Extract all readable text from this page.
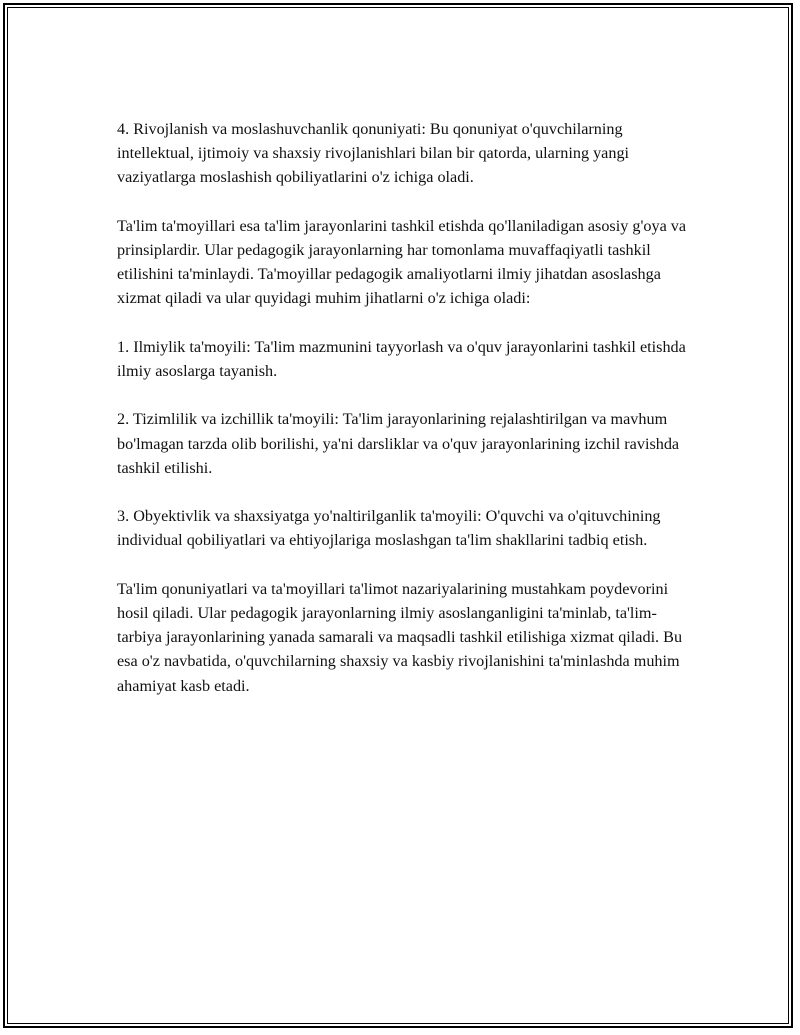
4. Rivojlanish va moslashuvchanlik qonuniyati: Bu qonuniyat o'quvchilarning intellektual, ijtimoiy va shaxsiy rivojlanishlari bilan bir qatorda, ularning yangi vaziyatlarga moslashish qobiliyatlarini o'z ichiga oladi.

Ta'lim ta'moyillari esa ta'lim jarayonlarini tashkil etishda qo'llaniladigan asosiy g'oya va prinsiplardir. Ular pedagogik jarayonlarning har tomonlama muvaffaqiyatli tashkil etilishini ta'minlaydi. Ta'moyillar pedagogik amaliyotlarni ilmiy jihatdan asoslashga xizmat qiladi va ular quyidagi muhim jihatlarni o'z ichiga oladi:

1. Ilmiylik ta'moyili: Ta'lim mazmunini tayyorlash va o'quv jarayonlarini tashkil etishda ilmiy asoslarga tayanish.

2. Tizimlilik va izchillik ta'moyili: Ta'lim jarayonlarining rejalashtirilgan va mavhum bo'lmagan tarzda olib borilishi, ya'ni darsliklar va o'quv jarayonlarining izchil ravishda tashkil etilishi.

3. Obyektivlik va shaxsiyatga yo'naltirilganlik ta'moyili: O'quvchi va o'qituvchining individual qobiliyatlari va ehtiyojlariga moslashgan ta'lim shakllarini tadbiq etish.

Ta'lim qonuniyatlari va ta'moyillari ta'limot nazariyalarining mustahkam poydevorini hosil qiladi. Ular pedagogik jarayonlarning ilmiy asoslanganligini ta'minlab, ta'lim-tarbiya jarayonlarining yanada samarali va maqsadli tashkil etilishiga xizmat qiladi. Bu esa o'z navbatida, o'quvchilarning shaxsiy va kasbiy rivojlanishini ta'minlashda muhim ahamiyat kasb etadi.
